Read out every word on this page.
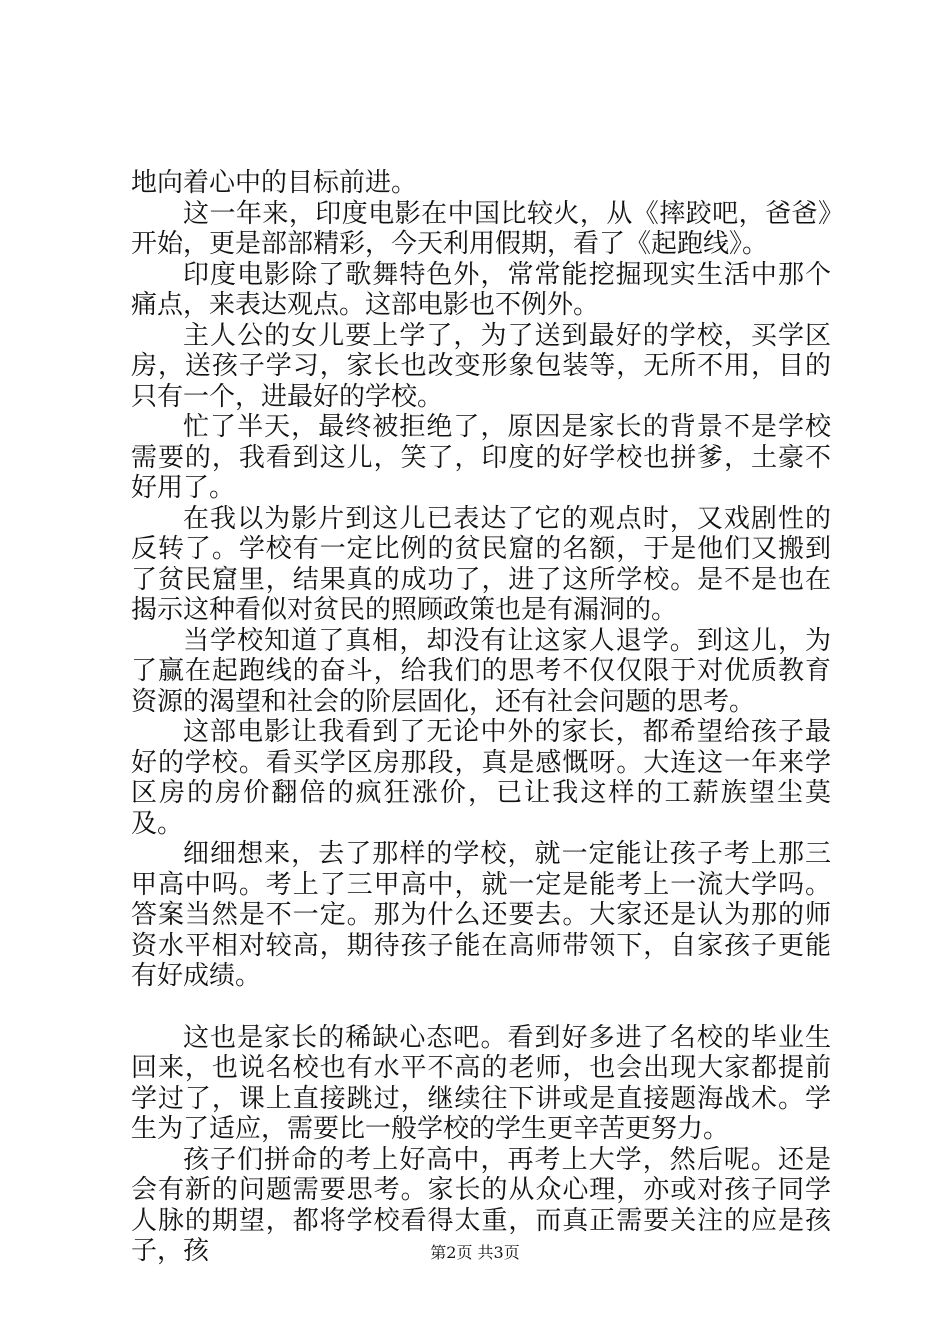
地向着心中的目标前进。

这一年来，印度电影在中国比较火，从《摔跤吧，爸爸》开始，更是部部精彩，今天利用假期，看了《起跑线》。

印度电影除了歌舞特色外，常常能挖掘现实生活中那个痛点，来表达观点。这部电影也不例外。

主人公的女儿要上学了，为了送到最好的学校，买学区房，送孩子学习，家长也改变形象包装等，无所不用，目的只有一个，进最好的学校。

忙了半天，最终被拒绝了，原因是家长的背景不是学校需要的，我看到这儿，笑了，印度的好学校也拼爹，土豪不好用了。

在我以为影片到这儿已表达了它的观点时，又戏剧性的反转了。学校有一定比例的贫民窟的名额，于是他们又搬到了贫民窟里，结果真的成功了，进了这所学校。是不是也在揭示这种看似对贫民的照顾政策也是有漏洞的。

当学校知道了真相，却没有让这家人退学。到这儿，为了赢在起跑线的奋斗，给我们的思考不仅仅限于对优质教育资源的渴望和社会的阶层固化，还有社会问题的思考。

这部电影让我看到了无论中外的家长，都希望给孩子最好的学校。看买学区房那段，真是感慨呀。大连这一年来学区房的房价翻倍的疯狂涨价，已让我这样的工薪族望尘莫及。

细细想来，去了那样的学校，就一定能让孩子考上那三甲高中吗。考上了三甲高中，就一定是能考上一流大学吗。答案当然是不一定。那为什么还要去。大家还是认为那的师资水平相对较高，期待孩子能在高师带领下，自家孩子更能有好成绩。

这也是家长的稀缺心态吧。看到好多进了名校的毕业生回来，也说名校也有水平不高的老师，也会出现大家都提前学过了，课上直接跳过，继续往下讲或是直接题海战术。学生为了适应，需要比一般学校的学生更辛苦更努力。

孩子们拼命的考上好高中，再考上大学，然后呢。还是会有新的问题需要思考。家长的从众心理，亦或对孩子同学人脉的期望，都将学校看得太重，而真正需要关注的应是孩子，孩	第2页 共3页
